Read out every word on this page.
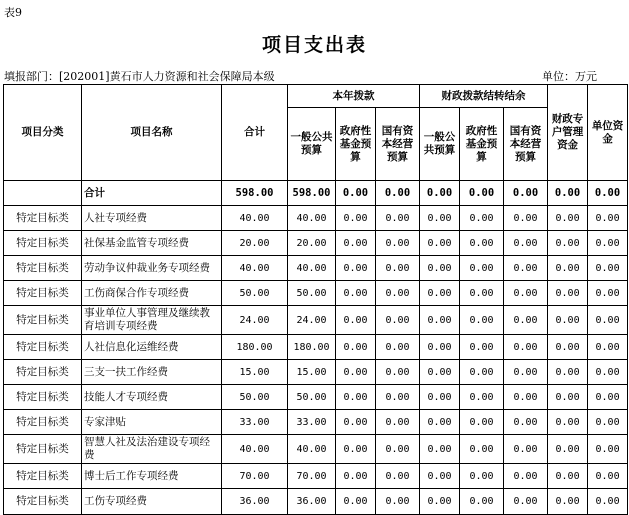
表9
项目支出表
填报部门：[202001]黄石市人力资源和社会保障局本级	单位：万元
项目分类	项目名称	合计	本年拨款			财政拨款结转结余			财政专户管理资金	单位资金
			一般公共预算	政府性基金预算	国有资本经营预算	一般公共预算	政府性基金预算	国有资本经营预算		
	合计	598.00	598.00	0.00	0.00	0.00	0.00	0.00	0.00	0.00
特定目标类	人社专项经费	40.00	40.00	0.00	0.00	0.00	0.00	0.00	0.00	0.00
特定目标类	社保基金监管专项经费	20.00	20.00	0.00	0.00	0.00	0.00	0.00	0.00	0.00
特定目标类	劳动争议仲裁业务专项经费	40.00	40.00	0.00	0.00	0.00	0.00	0.00	0.00	0.00
特定目标类	工伤商保合作专项经费	50.00	50.00	0.00	0.00	0.00	0.00	0.00	0.00	0.00
特定目标类	事业单位人事管理及继续教育培训专项经费	24.00	24.00	0.00	0.00	0.00	0.00	0.00	0.00	0.00
特定目标类	人社信息化运维经费	180.00	180.00	0.00	0.00	0.00	0.00	0.00	0.00	0.00
特定目标类	三支一扶工作经费	15.00	15.00	0.00	0.00	0.00	0.00	0.00	0.00	0.00
特定目标类	技能人才专项经费	50.00	50.00	0.00	0.00	0.00	0.00	0.00	0.00	0.00
特定目标类	专家津贴	33.00	33.00	0.00	0.00	0.00	0.00	0.00	0.00	0.00
特定目标类	智慧人社及法治建设专项经费	40.00	40.00	0.00	0.00	0.00	0.00	0.00	0.00	0.00
特定目标类	博士后工作专项经费	70.00	70.00	0.00	0.00	0.00	0.00	0.00	0.00	0.00
特定目标类	工伤专项经费	36.00	36.00	0.00	0.00	0.00	0.00	0.00	0.00	0.00
